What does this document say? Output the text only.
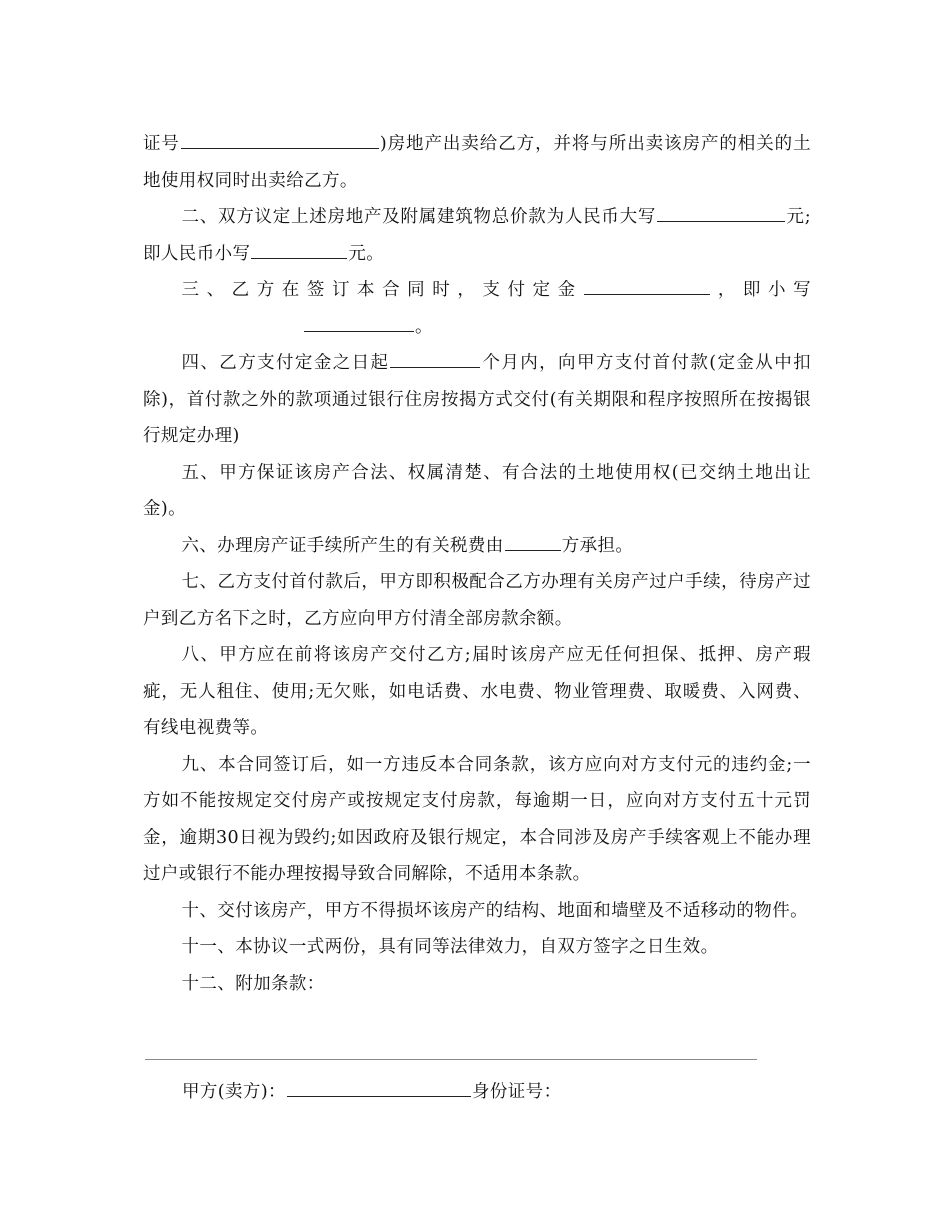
证号	)房地产出卖给乙方，并将与所出卖该房产的相关的土地使用权同时出卖给乙方。

二、双方议定上述房地产及附属建筑物总价款为人民币大写	元;即人民币小写	元。

三、乙方在签订本合同时，支付定金	，即小写。

四、乙方支付定金之日起	个月内，向甲方支付首付款(定金从中扣除)，首付款之外的款项通过银行住房按揭方式交付(有关期限和程序按照所在按揭银行规定办理)

五、甲方保证该房产合法、权属清楚、有合法的土地使用权(已交纳土地出让金)。

六、办理房产证手续所产生的有关税费由	方承担。

七、乙方支付首付款后，甲方即积极配合乙方办理有关房产过户手续，待房产过户到乙方名下之时，乙方应向甲方付清全部房款余额。

八、甲方应在前将该房产交付乙方;届时该房产应无任何担保、抵押、房产瑕疵，无人租住、使用;无欠账，如电话费、水电费、物业管理费、取暖费、入网费、有线电视费等。

九、本合同签订后，如一方违反本合同条款，该方应向对方支付元的违约金;一方如不能按规定交付房产或按规定支付房款，每逾期一日，应向对方支付五十元罚金，逾期30日视为毁约;如因政府及银行规定，本合同涉及房产手续客观上不能办理过户或银行不能办理按揭导致合同解除，不适用本条款。

十、交付该房产，甲方不得损坏该房产的结构、地面和墙壁及不适移动的物件。

十一、本协议一式两份，具有同等法律效力，自双方签字之日生效。

十二、附加条款：

甲方(卖方)：	身份证号：
